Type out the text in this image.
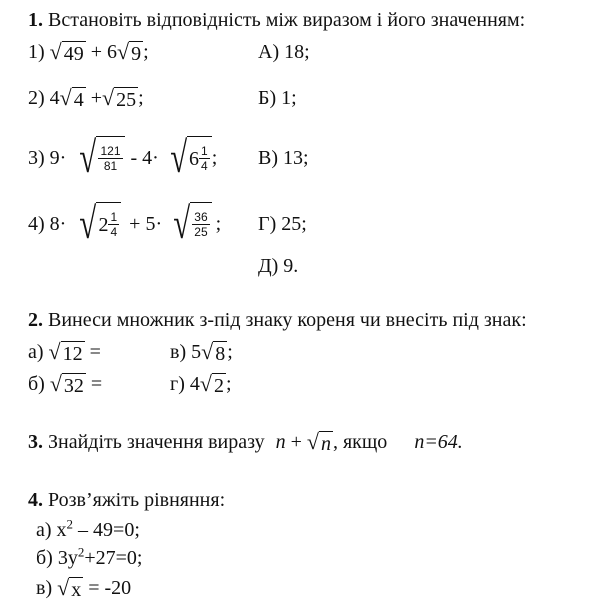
1. Встановіть відповідність між виразом і його значенням:
1) √ 49 + 6 √ 9 ;
2) 4 √ 4 + √ 25 ;
3) 9· √ $\frac{121}{81} - 4\cdot$ √ $6 \frac{1}{4}$ ;
4) 8· √ $2 \frac{1}{4} + 5\cdot$ √ $\frac{36}{25}$ ;
А) 18;
Б) 1;
В) 13;
Г) 25;
Д) 9.
2. Винеси множник з-під знаку кореня чи внесіть під знак:
а) √ 12 =
б) √ 32 =
в) 5 √ 8 ;
г) 4 √ 2 ;
3. Знайдіть значення виразу n + √ n , якщо n=64.
4. Розв’яжіть рівняння:
а) $x^2 - 49=0$;
б) $3y^2+27=0$;
в) √ x = -20
